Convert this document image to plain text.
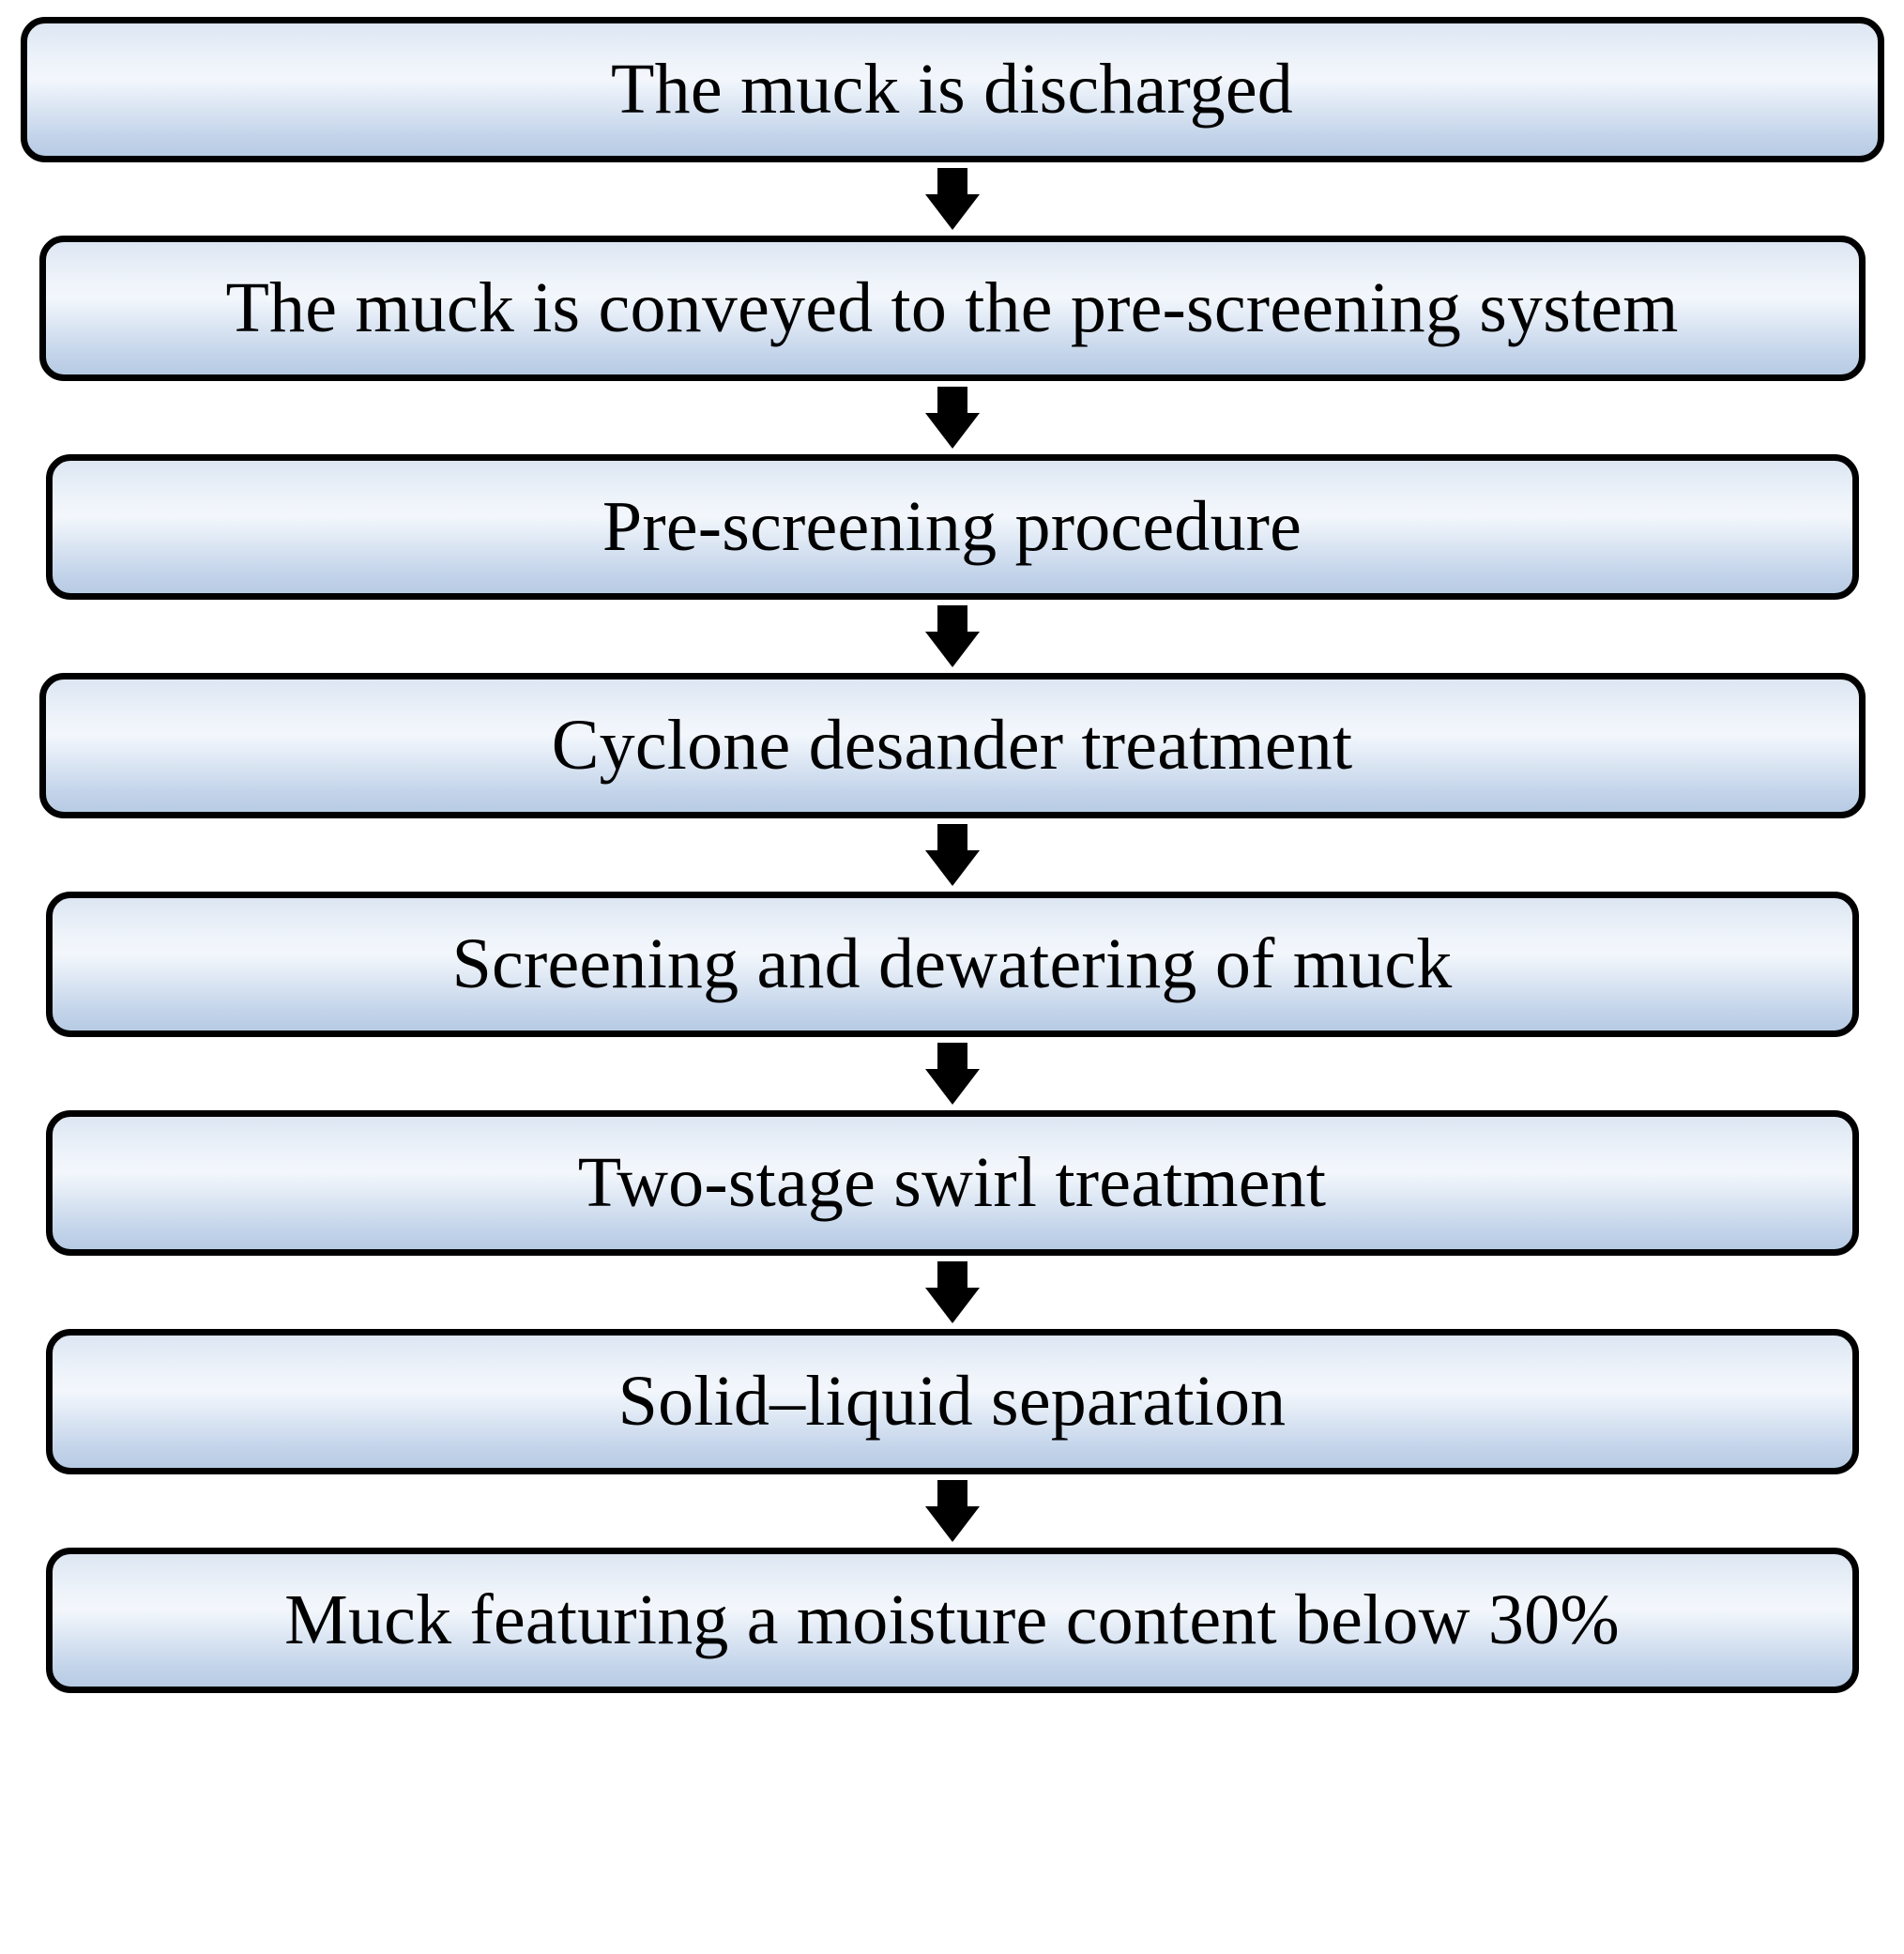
The muck is discharged
The muck is conveyed to the pre-screening system
Pre-screening procedure
Cyclone desander treatment
Screening and dewatering of muck
Two-stage swirl treatment
Solid–liquid separation
Muck featuring a moisture content below 30%
